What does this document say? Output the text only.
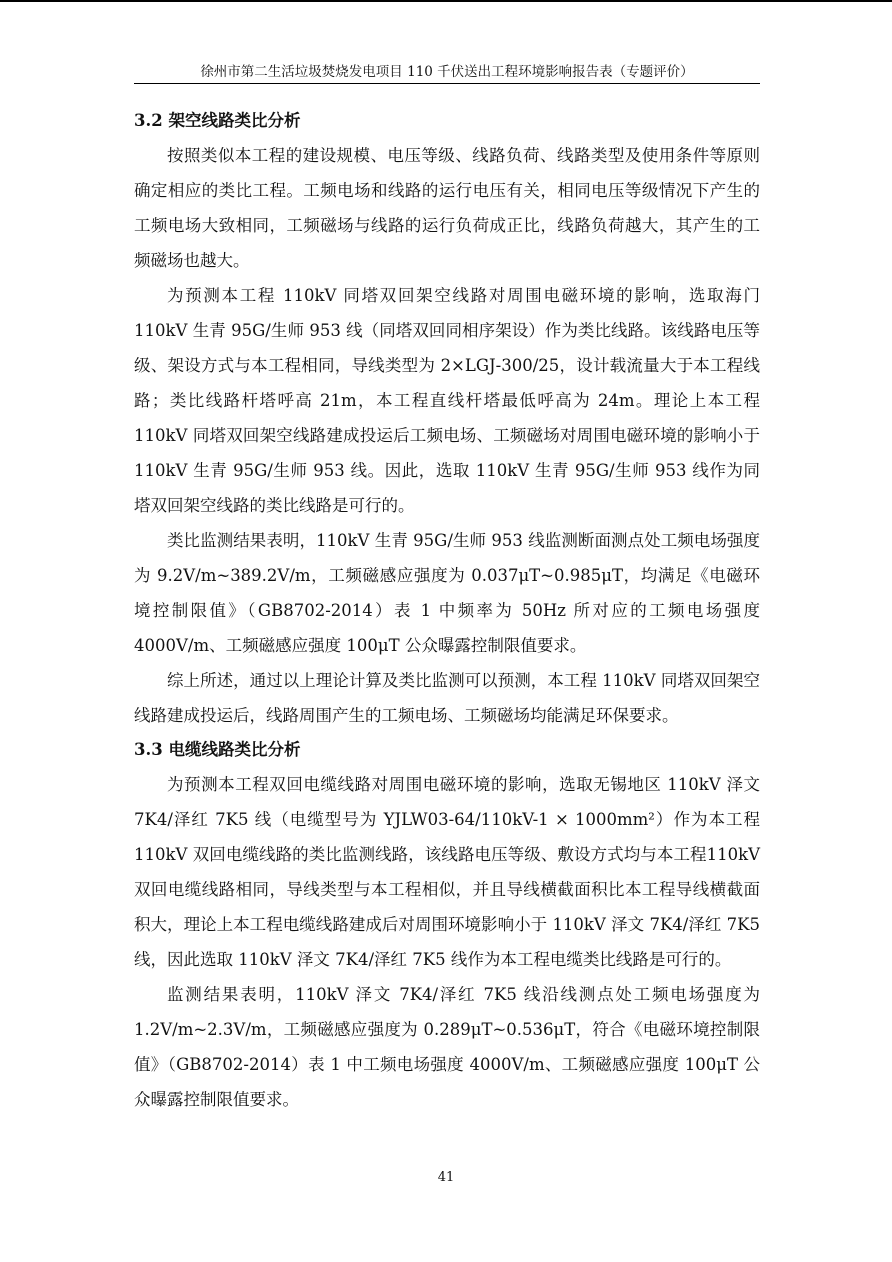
徐州市第二生活垃圾焚烧发电项目 110 千伏送出工程环境影响报告表（专题评价）
3.2 架空线路类比分析

按照类似本工程的建设规模、电压等级、线路负荷、线路类型及使用条件等原则确定相应的类比工程。工频电场和线路的运行电压有关，相同电压等级情况下产生的工频电场大致相同，工频磁场与线路的运行负荷成正比，线路负荷越大，其产生的工频磁场也越大。

为预测本工程 110kV 同塔双回架空线路对周围电磁环境的影响，选取海门110kV 生青 95G/生师 953 线（同塔双回同相序架设）作为类比线路。该线路电压等级、架设方式与本工程相同，导线类型为 2×LGJ-300/25，设计载流量大于本工程线路；类比线路杆塔呼高 21m，本工程直线杆塔最低呼高为 24m。理论上本工程 110kV 同塔双回架空线路建成投运后工频电场、工频磁场对周围电磁环境的影响小于 110kV 生青 95G/生师 953 线。因此，选取 110kV 生青 95G/生师 953 线作为同塔双回架空线路的类比线路是可行的。

类比监测结果表明，110kV 生青 95G/生师 953 线监测断面测点处工频电场强度为 9.2V/m~389.2V/m，工频磁感应强度为 0.037μT~0.985μT，均满足《电磁环境控制限值》（GB8702-2014）表 1 中频率为 50Hz 所对应的工频电场强度4000V/m、工频磁感应强度 100μT 公众曝露控制限值要求。

综上所述，通过以上理论计算及类比监测可以预测，本工程 110kV 同塔双回架空线路建成投运后，线路周围产生的工频电场、工频磁场均能满足环保要求。

3.3 电缆线路类比分析

为预测本工程双回电缆线路对周围电磁环境的影响，选取无锡地区 110kV 泽文 7K4/泽红 7K5 线（电缆型号为 YJLW03-64/110kV-1 × 1000mm²）作为本工程110kV 双回电缆线路的类比监测线路，该线路电压等级、敷设方式均与本工程110kV 双回电缆线路相同，导线类型与本工程相似，并且导线横截面积比本工程导线横截面积大，理论上本工程电缆线路建成后对周围环境影响小于 110kV 泽文 7K4/泽红 7K5 线，因此选取 110kV 泽文 7K4/泽红 7K5 线作为本工程电缆类比线路是可行的。

监测结果表明，110kV 泽文 7K4/泽红 7K5 线沿线测点处工频电场强度为1.2V/m~2.3V/m，工频磁感应强度为 0.289μT~0.536μT，符合《电磁环境控制限值》（GB8702-2014）表 1 中工频电场强度 4000V/m、工频磁感应强度 100μT 公众曝露控制限值要求。

41
